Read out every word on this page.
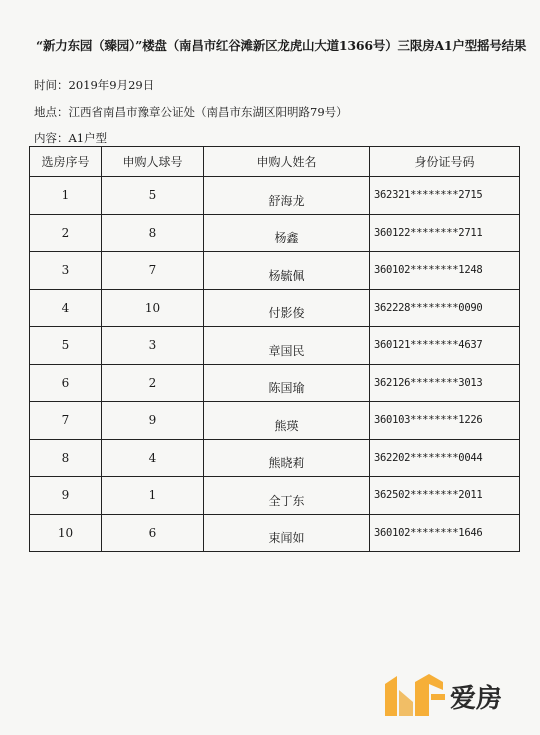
“新力东园（臻园）”楼盘（南昌市红谷滩新区龙虎山大道1366号）三限房A1户型摇号结果
时间：2019年9月29日
地点：江西省南昌市豫章公证处（南昌市东湖区阳明路79号）
内容：A1户型
选房序号	申购人球号	申购人姓名	身份证号码
1	5	舒海龙	362321********2715
2	8	杨鑫	360122********2711
3	7	杨毓佩	360102********1248
4	10	付影俊	362228********0090
5	3	章国民	360121********4637
6	2	陈国瑜	362126********3013
7	9	熊瑛	360103********1226
8	4	熊晓莉	362202********0044
9	1	全丁东	362502********2011
10	6	束闻如	360102********1646
爱房
